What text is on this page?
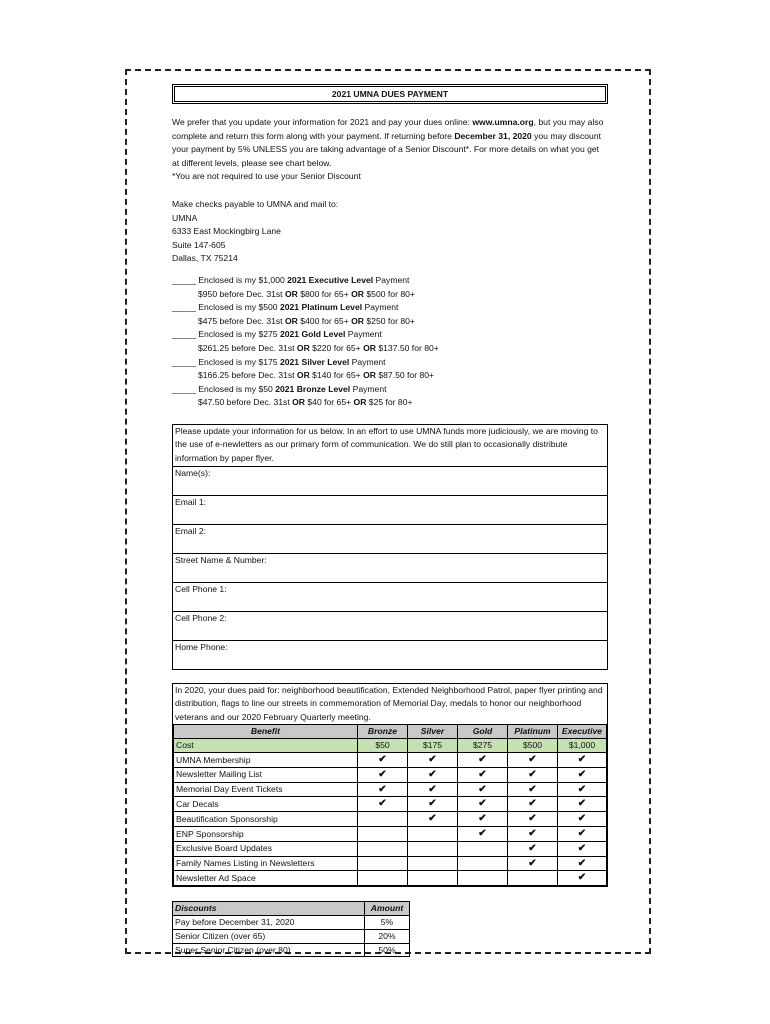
2021 UMNA DUES PAYMENT

We prefer that you update your information for 2021 and pay your dues online: www.umna.org, but you may also complete and return this form along with your payment. If returning before December 31, 2020 you may discount your payment by 5% UNLESS you are taking advantage of a Senior Discount*. For more details on what you get at different levels, please see chart below.

*You are not required to use your Senior Discount

Make checks payable to UMNA and mail to:

UMNA

6333 East Mockingbirg Lane

Suite 147-605

Dallas, TX 75214

_____ Enclosed is my $1,000 2021 Executive Level Payment

$950 before Dec. 31st OR $800 for 65+ OR $500 for 80+

_____ Enclosed is my $500 2021 Platinum Level Payment

$475 before Dec. 31st OR $400 for 65+ OR $250 for 80+

_____ Enclosed is my $275 2021 Gold Level Payment

$261.25 before Dec. 31st OR $220 for 65+ OR $137.50 for 80+

_____ Enclosed is my $175 2021 Silver Level Payment

$166.25 before Dec. 31st OR $140 for 65+ OR $87.50 for 80+

_____ Enclosed is my $50 2021 Bronze Level Payment

$47.50 before Dec. 31st OR $40 for 65+ OR $25 for 80+

Please update your information for us below. In an effort to use UMNA funds more judiciously, we are moving to the use of e-newletters as our primary form of communication. We do still plan to occasionally distribute information by paper flyer.

Name(s):
Email 1:
Email 2:
Street Name & Number:
Cell Phone 1:
Cell Phone 2:
Home Phone:

In 2020, your dues paid for: neighborhood beautification, Extended Neighborhood Patrol, paper flyer printing and distribution, flags to line our streets in commemoration of Memorial Day, medals to honor our neighborhood veterans and our 2020 February Quarterly meeting.

Benefit	Bronze	Silver	Gold	Platinum	Executive
Cost	$50	$175	$275	$500	$1,000
UMNA Membership	✔	✔	✔	✔	✔
Newsletter Mailing List	✔	✔	✔	✔	✔
Memorial Day Event Tickets	✔	✔	✔	✔	✔
Car Decals	✔	✔	✔	✔	✔
Beautification Sponsorship		✔	✔	✔	✔
ENP Sponsorship			✔	✔	✔
Exclusive Board Updates				✔	✔
Family Names Listing in Newsletters				✔	✔
Newsletter Ad Space					✔
Discounts	Amount
Pay before December 31, 2020	5%
Senior Citizen (over 65)	20%
Super Senior Citizen (over 80)	50%
